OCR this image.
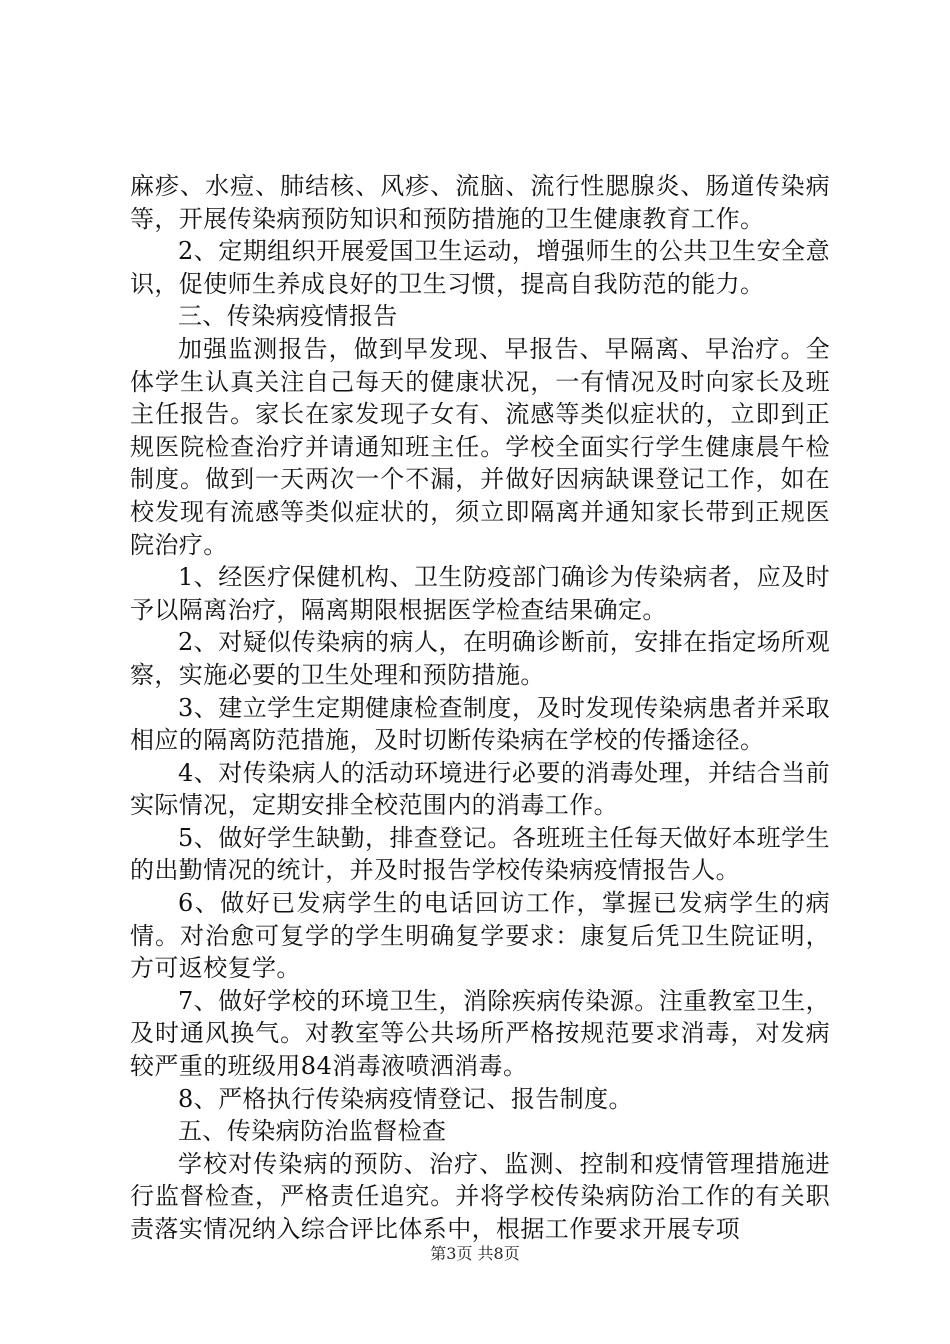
麻疹、水痘、肺结核、风疹、流脑、流行性腮腺炎、肠道传染病等，开展传染病预防知识和预防措施的卫生健康教育工作。

2、定期组织开展爱国卫生运动，增强师生的公共卫生安全意识，促使师生养成良好的卫生习惯，提高自我防范的能力。

三、传染病疫情报告

加强监测报告，做到早发现、早报告、早隔离、早治疗。全体学生认真关注自己每天的健康状况，一有情况及时向家长及班主任报告。家长在家发现子女有、流感等类似症状的，立即到正规医院检查治疗并请通知班主任。学校全面实行学生健康晨午检制度。做到一天两次一个不漏，并做好因病缺课登记工作，如在校发现有流感等类似症状的，须立即隔离并通知家长带到正规医院治疗。

1、经医疗保健机构、卫生防疫部门确诊为传染病者，应及时予以隔离治疗，隔离期限根据医学检查结果确定。

2、对疑似传染病的病人，在明确诊断前，安排在指定场所观察，实施必要的卫生处理和预防措施。

3、建立学生定期健康检查制度，及时发现传染病患者并采取相应的隔离防范措施，及时切断传染病在学校的传播途径。

4、对传染病人的活动环境进行必要的消毒处理，并结合当前实际情况，定期安排全校范围内的消毒工作。

5、做好学生缺勤，排查登记。各班班主任每天做好本班学生的出勤情况的统计，并及时报告学校传染病疫情报告人。

6、做好已发病学生的电话回访工作，掌握已发病学生的病情。对治愈可复学的学生明确复学要求：康复后凭卫生院证明，方可返校复学。

7、做好学校的环境卫生，消除疾病传染源。注重教室卫生，及时通风换气。对教室等公共场所严格按规范要求消毒，对发病较严重的班级用84消毒液喷洒消毒。

8、严格执行传染病疫情登记、报告制度。

五、传染病防治监督检查

学校对传染病的预防、治疗、监测、控制和疫情管理措施进行监督检查，严格责任追究。并将学校传染病防治工作的有关职责落实情况纳入综合评比体系中，根据工作要求开展专项

第3页 共8页
